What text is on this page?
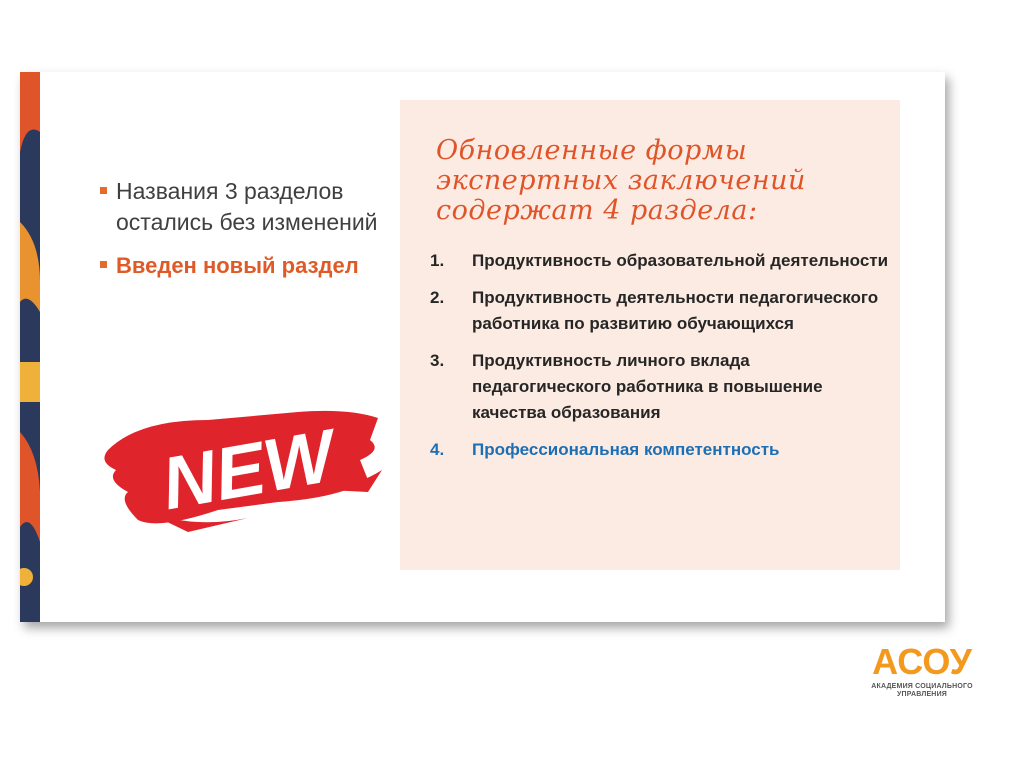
Названия 3 разделов остались без изменений
Введен новый раздел
NEW
Обновленные формы экспертных заключений содержат 4 раздела:
1. Продуктивность образовательной деятельности
2. Продуктивность деятельности педагогического работника по развитию обучающихся
3. Продуктивность личного вклада педагогического работника в повышение качества образования
4. Профессиональная компетентность
АСОУ
АКАДЕМИЯ СОЦИАЛЬНОГО
УПРАВЛЕНИЯ
